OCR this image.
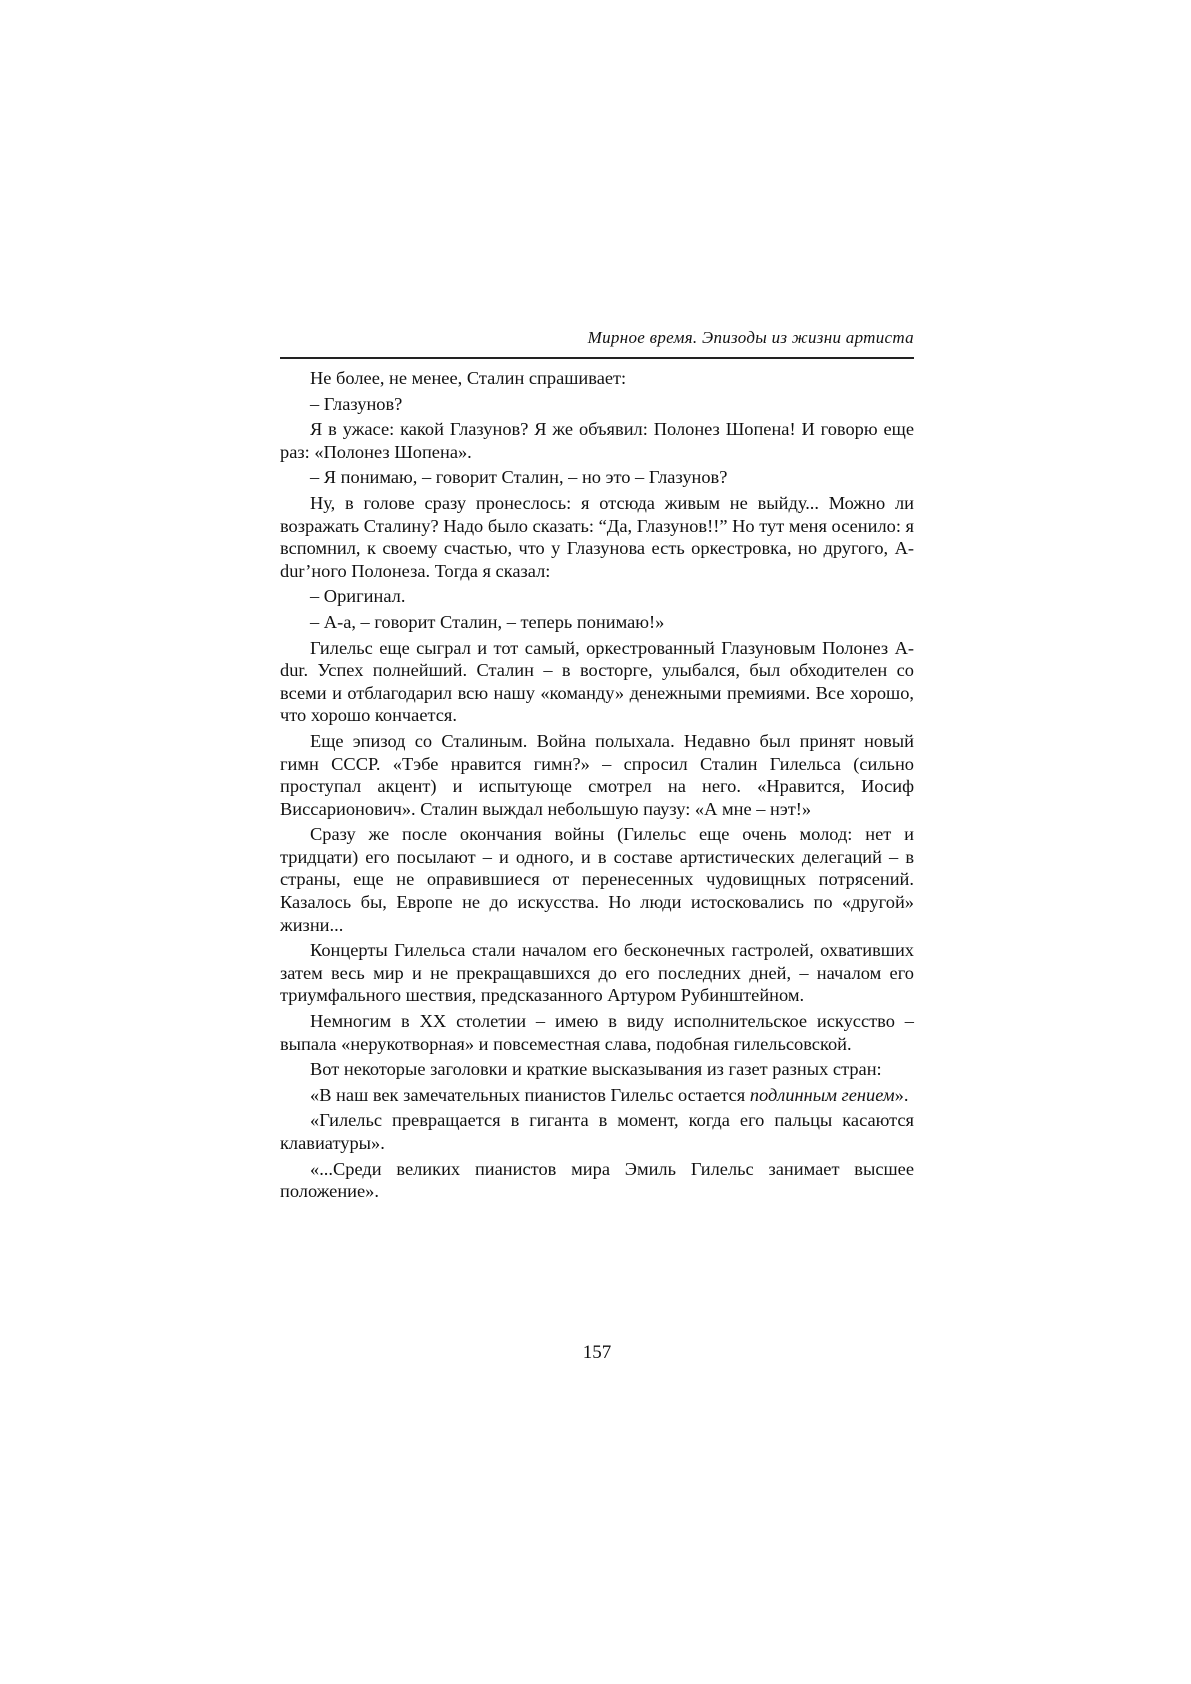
Мирное время. Эпизоды из жизни артиста

Не более, не менее, Сталин спрашивает:

– Глазунов?

Я в ужасе: какой Глазунов? Я же объявил: Полонез Шопена! И говорю еще раз: «Полонез Шопена».

– Я понимаю, – говорит Сталин, – но это – Глазунов?

Ну, в голове сразу пронеслось: я отсюда живым не выйду... Можно ли возражать Сталину? Надо было сказать: “Да, Глазунов!!” Но тут меня осенило: я вспомнил, к своему счастью, что у Глазунова есть оркестровка, но другого, A-dur’ного Полонеза. Тогда я сказал:

– Оригинал.

– А-а, – говорит Сталин, – теперь понимаю!»

Гилельс еще сыграл и тот самый, оркестрованный Глазуновым Полонез A-dur. Успех полнейший. Сталин – в восторге, улыбался, был обходителен со всеми и отблагодарил всю нашу «команду» денежными премиями. Все хорошо, что хорошо кончается.

Еще эпизод со Сталиным. Война полыхала. Недавно был принят новый гимн СССР. «Тэбе нравится гимн?» – спросил Сталин Гилельса (сильно проступал акцент) и испытующе смотрел на него. «Нравится, Иосиф Виссарионович». Сталин выждал небольшую паузу: «А мне – нэт!»

Сразу же после окончания войны (Гилельс еще очень молод: нет и тридцати) его посылают – и одного, и в составе артистических делегаций – в страны, еще не оправившиеся от перенесенных чудовищных потрясений. Казалось бы, Европе не до искусства. Но люди истосковались по «другой» жизни...

Концерты Гилельса стали началом его бесконечных гастролей, охвативших затем весь мир и не прекращавшихся до его последних дней, – началом его триумфального шествия, предсказанного Артуром Рубинштейном.

Немногим в XX столетии – имею в виду исполнительское искусство – выпала «нерукотворная» и повсеместная слава, подобная гилельсовской.

Вот некоторые заголовки и краткие высказывания из газет разных стран:

«В наш век замечательных пианистов Гилельс остается подлинным гением».

«Гилельс превращается в гиганта в момент, когда его пальцы касаются клавиатуры».

«...Среди великих пианистов мира Эмиль Гилельс занимает высшее положение».

157
